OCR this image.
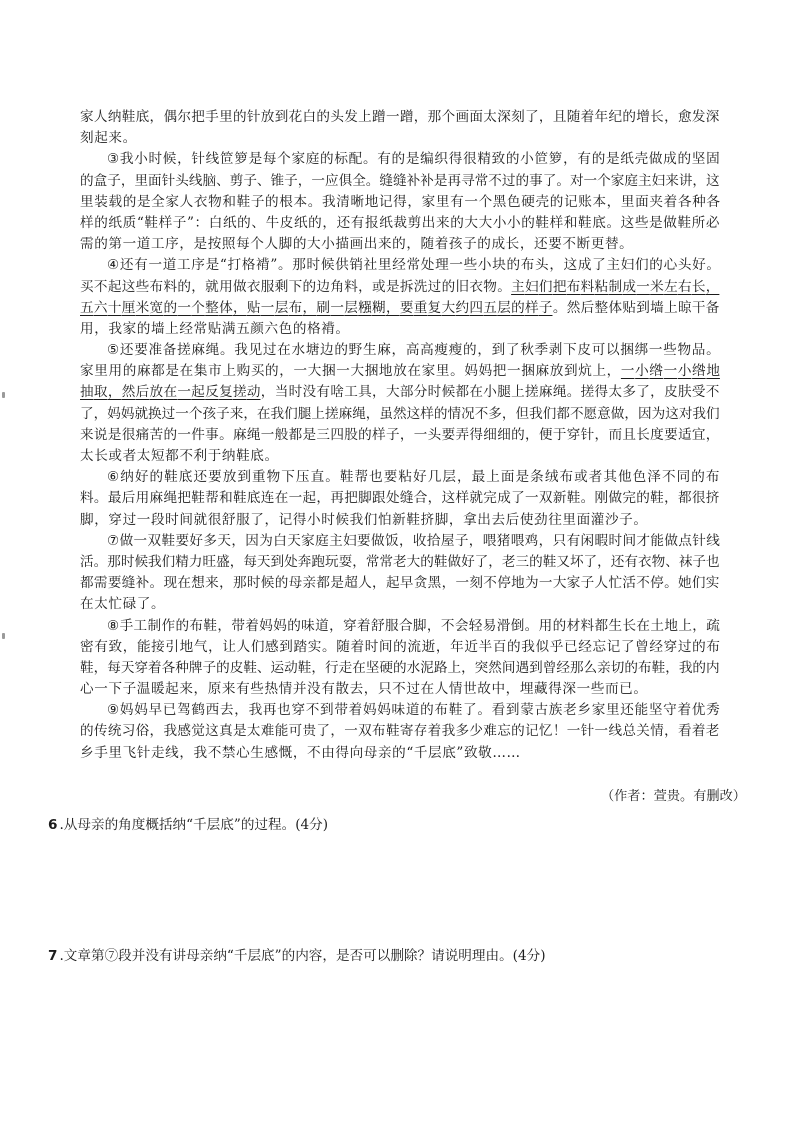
家 人 纳 鞋 底 ， 偶 尔 把 手 里 的 针 放 到 花 白 的 头 发 上 蹭 一 蹭 ， 那 个 画 面 太 深 刻 了 ， 且 随 着 年 纪 的 增 长 ， 愈 发 深
刻 起 来 。
③ 我 小 时 候 ， 针 线 笸 箩 是 每 个 家 庭 的 标 配 。 有 的 是 编 织 得 很 精 致 的 小 笸 箩 ， 有 的 是 纸 壳 做 成 的 坚 固
的 盒 子 ， 里 面 针 头 线 脑 、 剪 子 、 锥 子 ， 一 应 俱 全 。 缝 缝 补 补 是 再 寻 常 不 过 的 事 了 。 对 一 个 家 庭 主 妇 来 讲 ， 这
里 装 载 的 是 全 家 人 衣 物 和 鞋 子 的 根 本 。 我 清 晰 地 记 得 ， 家 里 有 一 个 黑 色 硬 壳 的 记 账 本 ， 里 面 夹 着 各 种 各
样 的 纸 质 “ 鞋 样 子 ” ： 白 纸 的 、 牛 皮 纸 的 ， 还 有 报 纸 裁 剪 出 来 的 大 大 小 小 的 鞋 样 和 鞋 底 。 这 些 是 做 鞋 所 必
需 的 第 一 道 工 序 ， 是 按 照 每 个 人 脚 的 大 小 描 画 出 来 的 ， 随 着 孩 子 的 成 长 ， 还 要 不 断 更 替 。
④ 还 有 一 道 工 序 是 “ 打 格 褙 ” 。 那 时 候 供 销 社 里 经 常 处 理 一 些 小 块 的 布 头 ， 这 成 了 主 妇 们 的 心 头 好 。
买 不 起 这 些 布 料 的 ， 就 用 做 衣 服 剩 下 的 边 角 料 ， 或 是 拆 洗 过 的 旧 衣 物 。 主 妇 们 把 布 料 粘 制 成 一 米 左 右 长 ，
五 六 十 厘 米 宽 的 一 个 整 体 ， 贴 一 层 布 ， 刷 一 层 糨 糊 ， 要 重 复 大 约 四 五 层 的 样 子 。 然 后 整 体 贴 到 墙 上 晾 干 备
用 ， 我 家 的 墙 上 经 常 贴 满 五 颜 六 色 的 格 褙 。
⑤ 还 要 准 备 搓 麻 绳 。 我 见 过 在 水 塘 边 的 野 生 麻 ， 高 高 瘦 瘦 的 ， 到 了 秋 季 剥 下 皮 可 以 捆 绑 一 些 物 品 。
家 里 用 的 麻 都 是 在 集 市 上 购 买 的 ， 一 大 捆 一 大 捆 地 放 在 家 里 。 妈 妈 把 一 捆 麻 放 到 炕 上 ， 一 小 绺 一 小 绺 地
抽 取 ， 然 后 放 在 一 起 反 复 搓 动 ， 当 时 没 有 啥 工 具 ， 大 部 分 时 候 都 在 小 腿 上 搓 麻 绳 。 搓 得 太 多 了 ， 皮 肤 受 不
了 ， 妈 妈 就 换 过 一 个 孩 子 来 ， 在 我 们 腿 上 搓 麻 绳 ， 虽 然 这 样 的 情 况 不 多 ， 但 我 们 都 不 愿 意 做 ， 因 为 这 对 我 们
来 说 是 很 痛 苦 的 一 件 事 。 麻 绳 一 般 都 是 三 四 股 的 样 子 ， 一 头 要 弄 得 细 细 的 ， 便 于 穿 针 ， 而 且 长 度 要 适 宜 ，
太 长 或 者 太 短 都 不 利 于 纳 鞋 底 。
⑥ 纳 好 的 鞋 底 还 要 放 到 重 物 下 压 直 。 鞋 帮 也 要 粘 好 几 层 ， 最 上 面 是 条 绒 布 或 者 其 他 色 泽 不 同 的 布
料 。 最 后 用 麻 绳 把 鞋 帮 和 鞋 底 连 在 一 起 ， 再 把 脚 跟 处 缝 合 ， 这 样 就 完 成 了 一 双 新 鞋 。 刚 做 完 的 鞋 ， 都 很 挤
脚 ， 穿 过 一 段 时 间 就 很 舒 服 了 ， 记 得 小 时 候 我 们 怕 新 鞋 挤 脚 ， 拿 出 去 后 使 劲 往 里 面 灌 沙 子 。
⑦ 做 一 双 鞋 要 好 多 天 ， 因 为 白 天 家 庭 主 妇 要 做 饭 ， 收 拾 屋 子 ， 喂 猪 喂 鸡 ， 只 有 闲 暇 时 间 才 能 做 点 针 线
活 。 那 时 候 我 们 精 力 旺 盛 ， 每 天 到 处 奔 跑 玩 耍 ， 常 常 老 大 的 鞋 做 好 了 ， 老 三 的 鞋 又 坏 了 ， 还 有 衣 物 、 袜 子 也
都 需 要 缝 补 。 现 在 想 来 ， 那 时 候 的 母 亲 都 是 超 人 ， 起 早 贪 黑 ， 一 刻 不 停 地 为 一 大 家 子 人 忙 活 不 停 。 她 们 实
在 太 忙 碌 了 。
⑧ 手 工 制 作 的 布 鞋 ， 带 着 妈 妈 的 味 道 ， 穿 着 舒 服 合 脚 ， 不 会 轻 易 滑 倒 。 用 的 材 料 都 生 长 在 土 地 上 ， 疏
密 有 致 ， 能 接 引 地 气 ， 让 人 们 感 到 踏 实 。 随 着 时 间 的 流 逝 ， 年 近 半 百 的 我 似 乎 已 经 忘 记 了 曾 经 穿 过 的 布
鞋 ， 每 天 穿 着 各 种 牌 子 的 皮 鞋 、 运 动 鞋 ， 行 走 在 坚 硬 的 水 泥 路 上 ， 突 然 间 遇 到 曾 经 那 么 亲 切 的 布 鞋 ， 我 的 内
心 一 下 子 温 暖 起 来 ， 原 来 有 些 热 情 并 没 有 散 去 ， 只 不 过 在 人 情 世 故 中 ， 埋 藏 得 深 一 些 而 已 。
⑨ 妈 妈 早 已 驾 鹤 西 去 ， 我 再 也 穿 不 到 带 着 妈 妈 味 道 的 布 鞋 了 。 看 到 蒙 古 族 老 乡 家 里 还 能 坚 守 着 优 秀
的 传 统 习 俗 ， 我 感 觉 这 真 是 太 难 能 可 贵 了 ， 一 双 布 鞋 寄 存 着 我 多 少 难 忘 的 记 忆 ！ 一 针 一 线 总 关 情 ， 看 着 老
乡 手 里 飞 针 走 线 ， 我 不 禁 心 生 感 慨 ， 不 由 得 向 母 亲 的 “ 千 层 底 ” 致 敬 … …
（作者：萱贵。有删改）
6 .从母亲的角度概括纳“千层底”的过程。(4分)
7 .文章第⑦段并没有讲母亲纳“千层底”的内容，是否可以删除？请说明理由。(4分)
